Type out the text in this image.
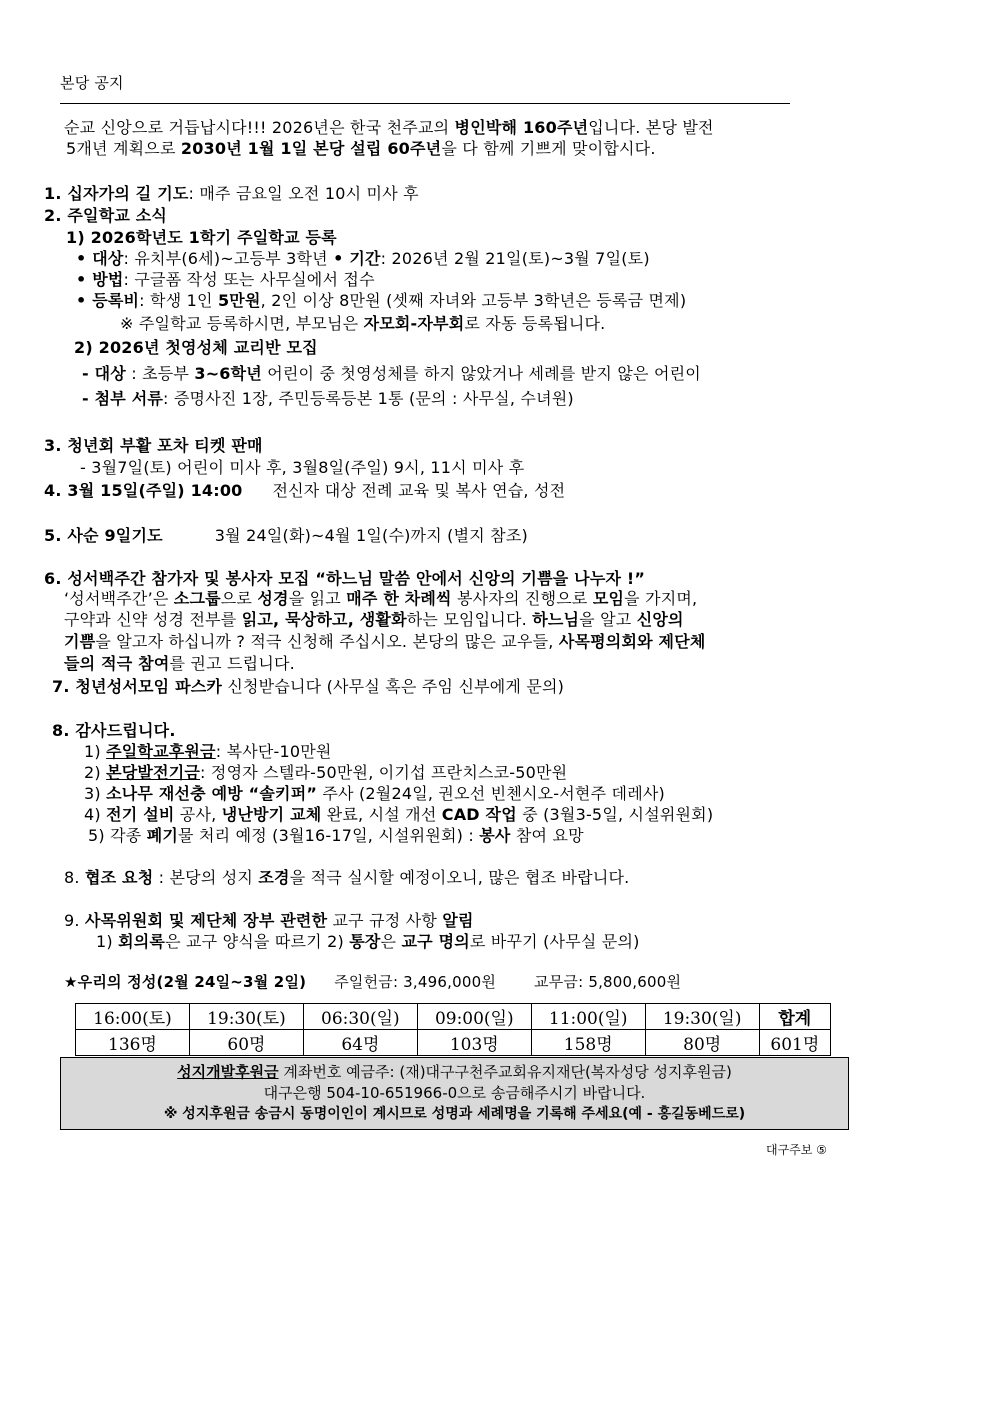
본당 공지
순교 신앙으로 거듭납시다!!! 2026년은 한국 천주교의 병인박해 160주년입니다. 본당 발전
5개년 계획으로 2030년 1월 1일 본당 설립 60주년을 다 함께 기쁘게 맞이합시다.
1. 십자가의 길 기도: 매주 금요일 오전 10시 미사 후
2. 주일학교 소식
1) 2026학년도 1학기 주일학교 등록
• 대상: 유치부(6세)~고등부 3학년 • 기간: 2026년 2월 21일(토)~3월 7일(토)
• 방법: 구글폼 작성 또는 사무실에서 접수
• 등록비: 학생 1인 5만원, 2인 이상 8만원 (셋째 자녀와 고등부 3학년은 등록금 면제)
※ 주일학교 등록하시면, 부모님은 자모회-자부회로 자동 등록됩니다.
2) 2026년 첫영성체 교리반 모집
- 대상 : 초등부 3~6학년 어린이 중 첫영성체를 하지 않았거나 세례를 받지 않은 어린이
- 첨부 서류: 증명사진 1장, 주민등록등본 1통 (문의 : 사무실, 수녀원)
3. 청년회 부활 포차 티켓 판매
- 3월7일(토) 어린이 미사 후, 3월8일(주일) 9시, 11시 미사 후
4. 3월 15일(주일) 14:00 전신자 대상 전례 교육 및 복사 연습, 성전
5. 사순 9일기도	3월 24일(화)~4월 1일(수)까지 (별지 참조)
6. 성서백주간 참가자 및 봉사자 모집 “하느님 말씀 안에서 신앙의 기쁨을 나누자 !”
‘성서백주간’은 소그룹으로 성경을 읽고 매주 한 차례씩 봉사자의 진행으로 모임을 가지며,
구약과 신약 성경 전부를 읽고, 묵상하고, 생활화하는 모임입니다. 하느님을 알고 신앙의
기쁨을 알고자 하십니까 ? 적극 신청해 주십시오. 본당의 많은 교우들, 사목평의회와 제단체
들의 적극 참여를 권고 드립니다.
7. 청년성서모임 파스카 신청받습니다 (사무실 혹은 주임 신부에게 문의)
8. 감사드립니다.
1) 주일학교후원금: 복사단-10만원
2) 본당발전기금: 정영자 스텔라-50만원, 이기섭 프란치스코-50만원
3) 소나무 재선충 예방 “솔키퍼” 주사 (2월24일, 권오선 빈첸시오-서현주 데레사)
4) 전기 설비 공사, 냉난방기 교체 완료, 시설 개선 CAD 작업 중 (3월3-5일, 시설위원회)
5) 각종 폐기물 처리 예정 (3월16-17일, 시설위원회) : 봉사 참여 요망
8. 협조 요청 : 본당의 성지 조경을 적극 실시할 예정이오니, 많은 협조 바랍니다.
9. 사목위원회 및 제단체 장부 관련한 교구 규정 사항 알림
1) 회의록은 교구 양식을 따르기 2) 통장은 교구 명의로 바꾸기 (사무실 문의)
★우리의 정성(2월 24일~3월 2일) 주일헌금: 3,496,000원	교무금: 5,800,600원
16:00(토)	19:30(토)	06:30(일)	09:00(일)	11:00(일)	19:30(일)	합계
136명	60명	64명	103명	158명	80명	601명
성지개발후원금 계좌번호 예금주: (재)대구구천주교회유지재단(복자성당 성지후원금)
대구은행 504-10-651966-0으로 송금해주시기 바랍니다.
※ 성지후원금 송금시 동명이인이 계시므로 성명과 세례명을 기록해 주세요(예 - 홍길동베드로)
대구주보 ⑤
